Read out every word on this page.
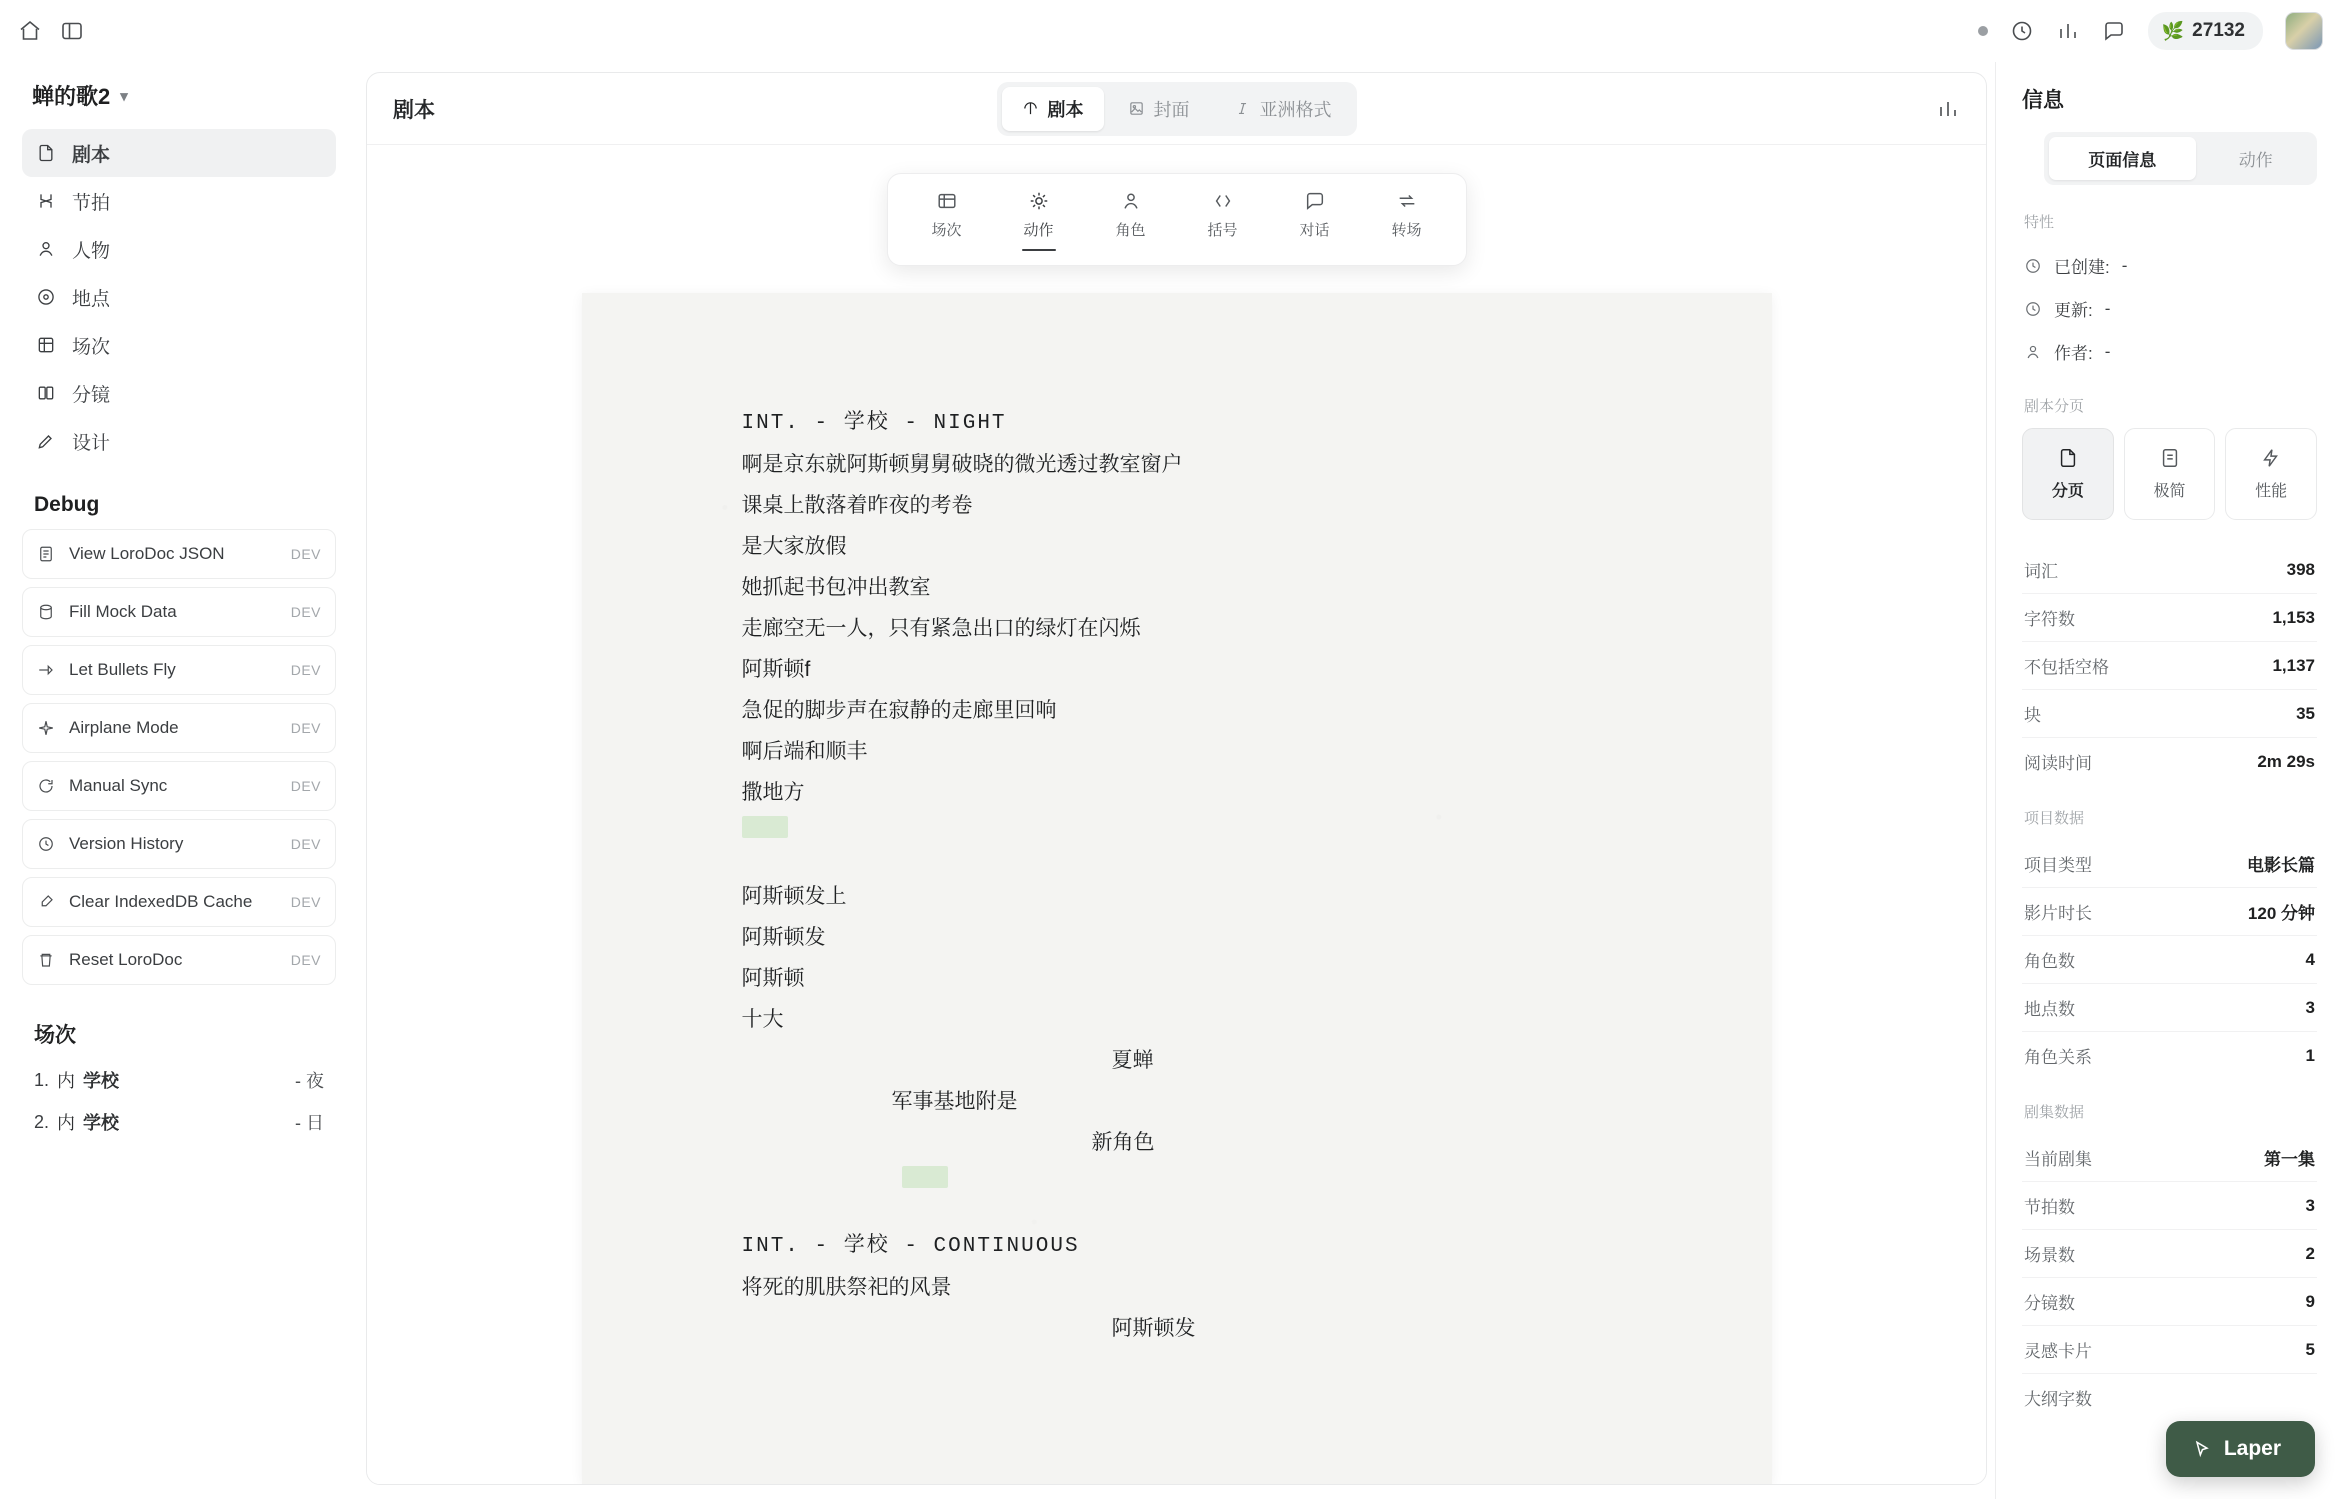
🌿 27132
蝉的歌2 ▾
剧本
节拍
人物
地点
场次
分镜
设计
Debug
View LoroDoc JSON	DEV
Fill Mock Data	DEV
Let Bullets Fly	DEV
Airplane Mode	DEV
Manual Sync	DEV
Version History	DEV
Clear IndexedDB Cache	DEV
Reset LoroDoc	DEV
场次
1. 内 学校	- 夜
2. 内 学校	- 日
剧本	剧本	封面	亚洲格式
场次	动作	角色	括号	对话	转场
INT. - 学校 - NIGHT
啊是京东就阿斯顿舅舅破晓的微光透过教室窗户
课桌上散落着昨夜的考卷
是大家放假
她抓起书包冲出教室
走廊空无一人，只有紧急出口的绿灯在闪烁
阿斯顿f
急促的脚步声在寂静的走廊里回响
啊后端和顺丰
撒地方
阿斯顿发上
阿斯顿发
阿斯顿
十大
夏蝉
军事基地附是
新角色
INT. - 学校 - CONTINUOUS
将死的肌肤祭祀的风景
阿斯顿发
信息
页面信息	动作
特性
已创建: -
更新: -
作者: -
剧本分页
分页	极简	性能
词汇	398
字符数	1,153
不包括空格	1,137
块	35
阅读时间	2m 29s
项目数据
项目类型	电影长篇
影片时长	120 分钟
角色数	4
地点数	3
角色关系	1
剧集数据
当前剧集	第一集
节拍数	3
场景数	2
分镜数	9
灵感卡片	5
大纲字数
Laper
